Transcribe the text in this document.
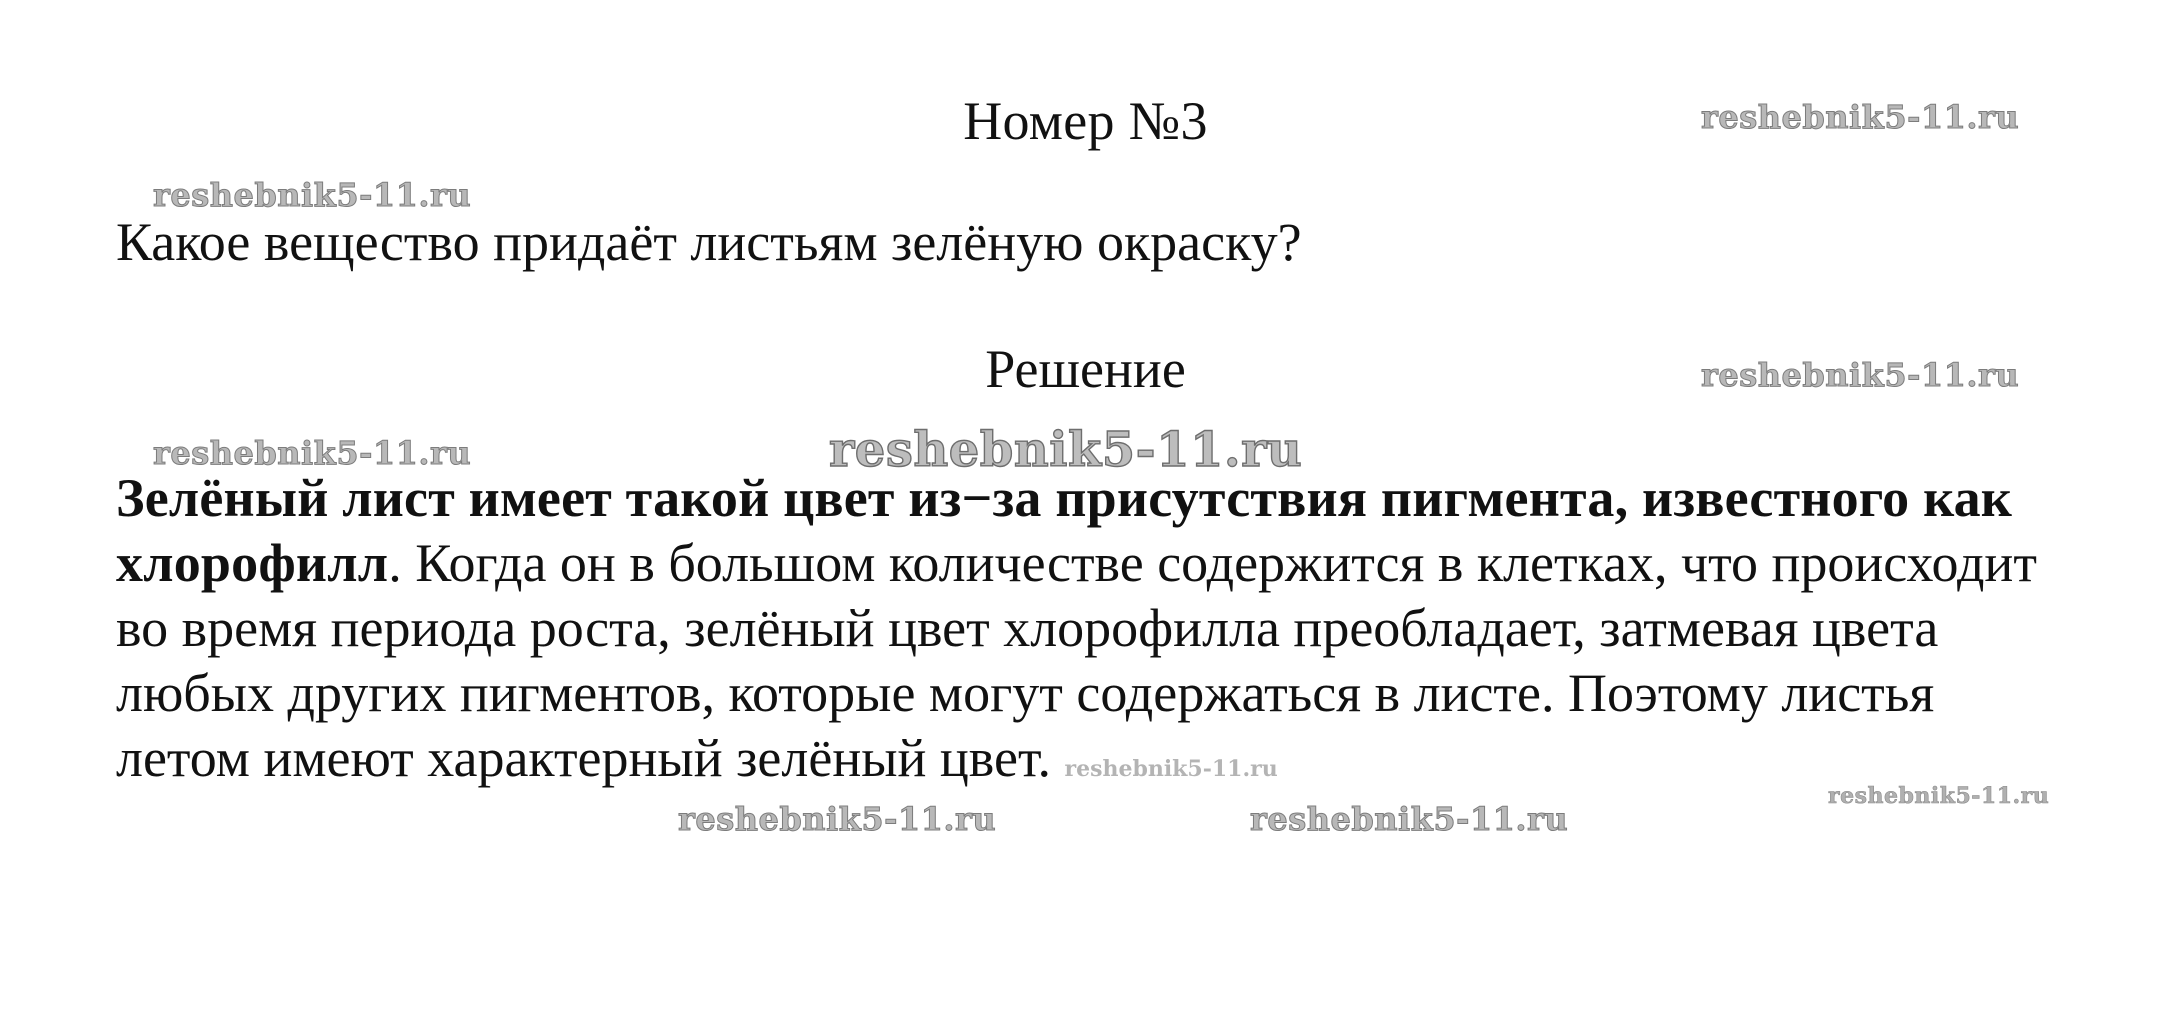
Номер №3
Какое вещество придаёт листьям зелёную окраску?
Решение
Зелёный лист имеет такой цвет из−за присутствия пигмента, известного как хлорофилл. Когда он в большом количестве содержится в клетках, что происходит во время периода роста, зелёный цвет хлорофилла преобладает, затмевая цвета любых других пигментов, которые могут содержаться в листе. Поэтому листья летом имеют характерный зелёный цвет. reshebnik5-11.ru
reshebnik5-11.ru
reshebnik5-11.ru
reshebnik5-11.ru
reshebnik5-11.ru	reshebnik5-11.ru
reshebnik5-11.ru
reshebnik5-11.ru	reshebnik5-11.ru
